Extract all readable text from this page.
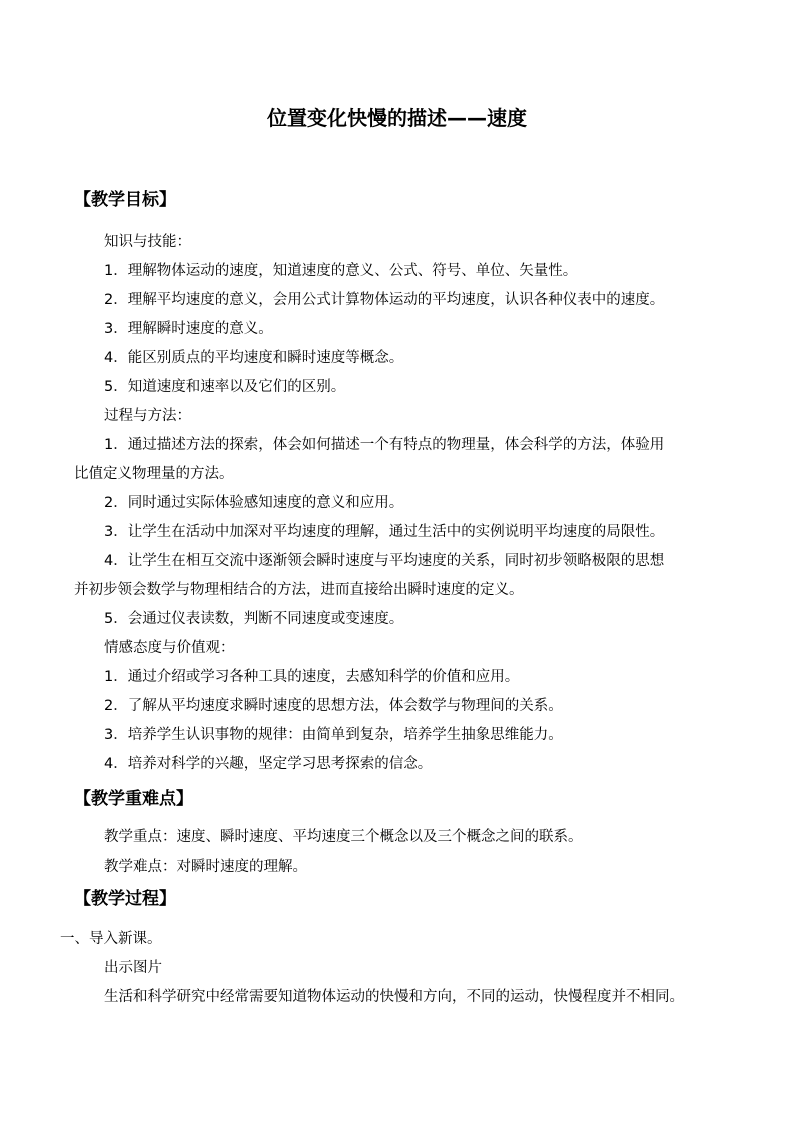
位置变化快慢的描述——速度
【教学目标】

知识与技能：

1．理解物体运动的速度，知道速度的意义、公式、符号、单位、矢量性。

2．理解平均速度的意义，会用公式计算物体运动的平均速度，认识各种仪表中的速度。

3．理解瞬时速度的意义。

4．能区别质点的平均速度和瞬时速度等概念。

5．知道速度和速率以及它们的区别。

过程与方法：

1．通过描述方法的探索，体会如何描述一个有特点的物理量，体会科学的方法，体验用

比值定义物理量的方法。

2．同时通过实际体验感知速度的意义和应用。

3．让学生在活动中加深对平均速度的理解，通过生活中的实例说明平均速度的局限性。

4．让学生在相互交流中逐渐领会瞬时速度与平均速度的关系，同时初步领略极限的思想

并初步领会数学与物理相结合的方法，进而直接给出瞬时速度的定义。

5．会通过仪表读数，判断不同速度或变速度。

情感态度与价值观：

1．通过介绍或学习各种工具的速度，去感知科学的价值和应用。

2．了解从平均速度求瞬时速度的思想方法，体会数学与物理间的关系。

3．培养学生认识事物的规律：由简单到复杂，培养学生抽象思维能力。

4．培养对科学的兴趣，坚定学习思考探索的信念。

【教学重难点】

教学重点：速度、瞬时速度、平均速度三个概念以及三个概念之间的联系。

教学难点：对瞬时速度的理解。

【教学过程】

一、导入新课。

出示图片

生活和科学研究中经常需要知道物体运动的快慢和方向，不同的运动，快慢程度并不相同。
